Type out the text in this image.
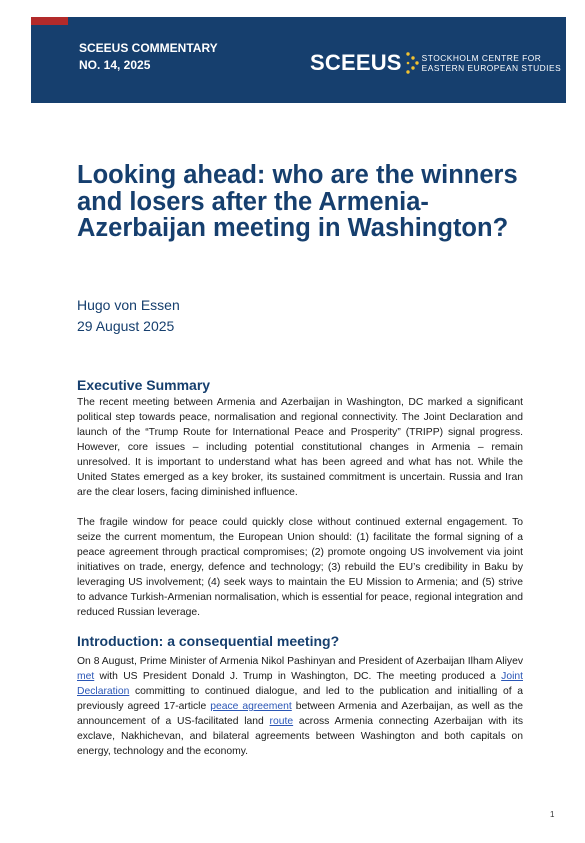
SCEEUS COMMENTARY
NO. 14, 2025	SCEEUS STOCKHOLM CENTRE FOR
EASTERN EUROPEAN STUDIES
Looking ahead: who are the winners and losers after the Armenia-Azerbaijan meeting in Washington?
Hugo von Essen
29 August 2025
Executive Summary

The recent meeting between Armenia and Azerbaijan in Washington, DC marked a significant political step towards peace, normalisation and regional connectivity. The Joint Declaration and launch of the “Trump Route for International Peace and Prosperity” (TRIPP) signal progress. However, core issues – including potential constitutional changes in Armenia – remain unresolved. It is important to understand what has been agreed and what has not. While the United States emerged as a key broker, its sustained commitment is uncertain. Russia and Iran are the clear losers, facing diminished influence.

The fragile window for peace could quickly close without continued external engagement. To seize the current momentum, the European Union should: (1) facilitate the formal signing of a peace agreement through practical compromises; (2) promote ongoing US involvement via joint initiatives on trade, energy, defence and technology; (3) rebuild the EU’s credibility in Baku by leveraging US involvement; (4) seek ways to maintain the EU Mission to Armenia; and (5) strive to advance Turkish-Armenian normalisation, which is essential for peace, regional integration and reduced Russian leverage.

Introduction: a consequential meeting?

On 8 August, Prime Minister of Armenia Nikol Pashinyan and President of Azerbaijan Ilham Aliyev met with US President Donald J. Trump in Washington, DC. The meeting produced a Joint Declaration committing to continued dialogue, and led to the publication and initialling of a previously agreed 17-article peace agreement between Armenia and Azerbaijan, as well as the announcement of a US-facilitated land route across Armenia connecting Azerbaijan with its exclave, Nakhichevan, and bilateral agreements between Washington and both capitals on energy, technology and the economy.

1
